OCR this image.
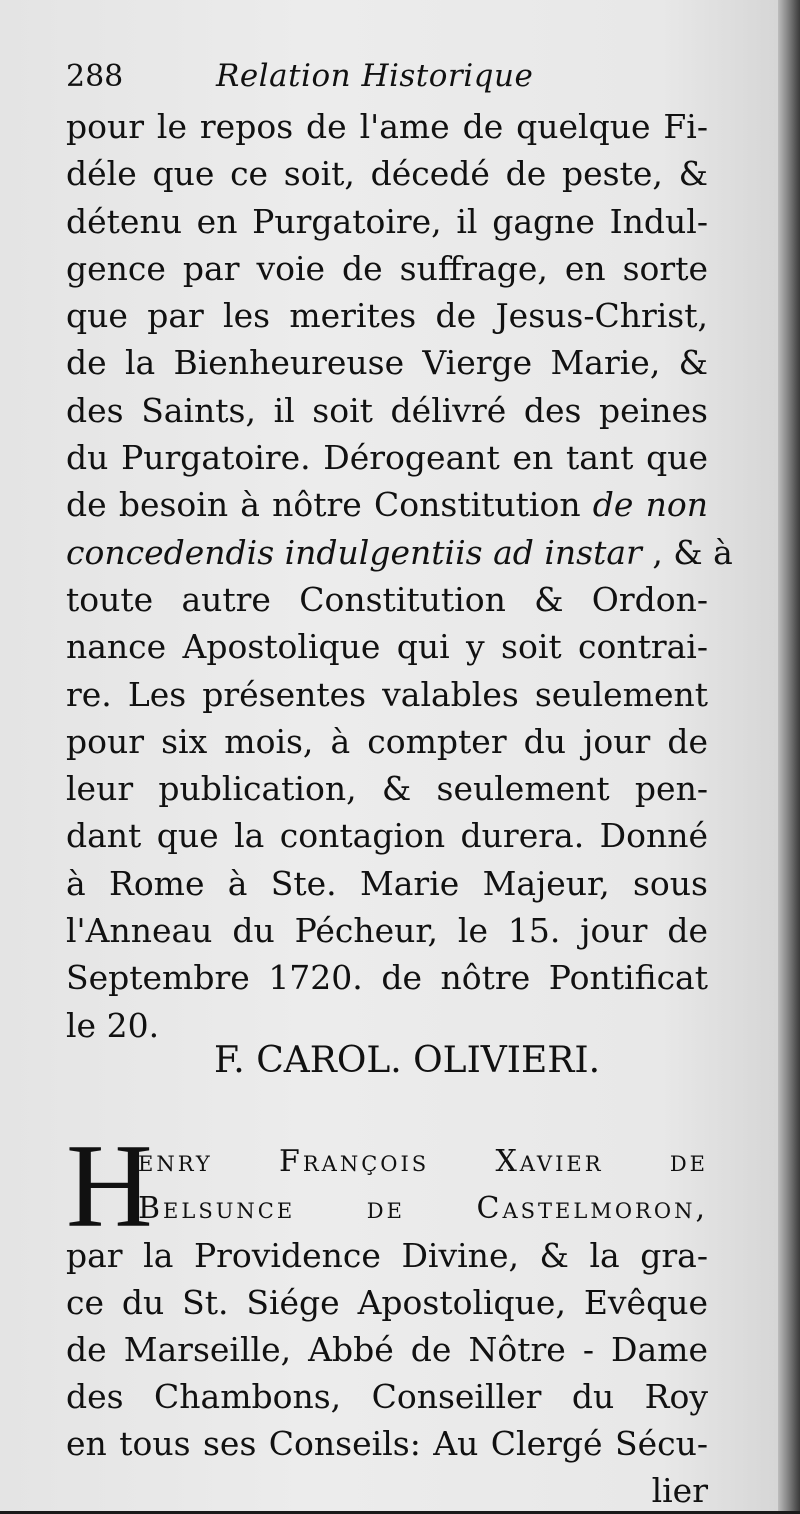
288	Relation Historique
pour le repos de l'ame de quelque Fi-
déle que ce soit, décedé de peste, &
détenu en Purgatoire, il gagne Indul-
gence par voie de suffrage, en sorte
que par les merites de Jesus-Christ,
de la Bienheureuse Vierge Marie, &
des Saints, il soit délivré des peines
du Purgatoire. Dérogeant en tant que
de besoin à nôtre Constitution de non
concedendis indulgentiis ad instar , & à
toute autre Constitution & Ordon-
nance Apostolique qui y soit contrai-
re. Les présentes valables seulement
pour six mois, à compter du jour de
leur publication, & seulement pen-
dant que la contagion durera. Donné
à Rome à Ste. Marie Majeur, sous
l'Anneau du Pécheur, le 15. jour de
Septembre 1720. de nôtre Pontificat
le 20.
F. CAROL. OLIVIERI.
H
enry François Xavier de
Belsunce de Castelmoron,
par la Providence Divine, & la gra-
ce du St. Siége Apostolique, Evêque
de Marseille, Abbé de Nôtre - Dame
des Chambons, Conseiller du Roy
en tous ses Conseils: Au Clergé Sécu-
lier
